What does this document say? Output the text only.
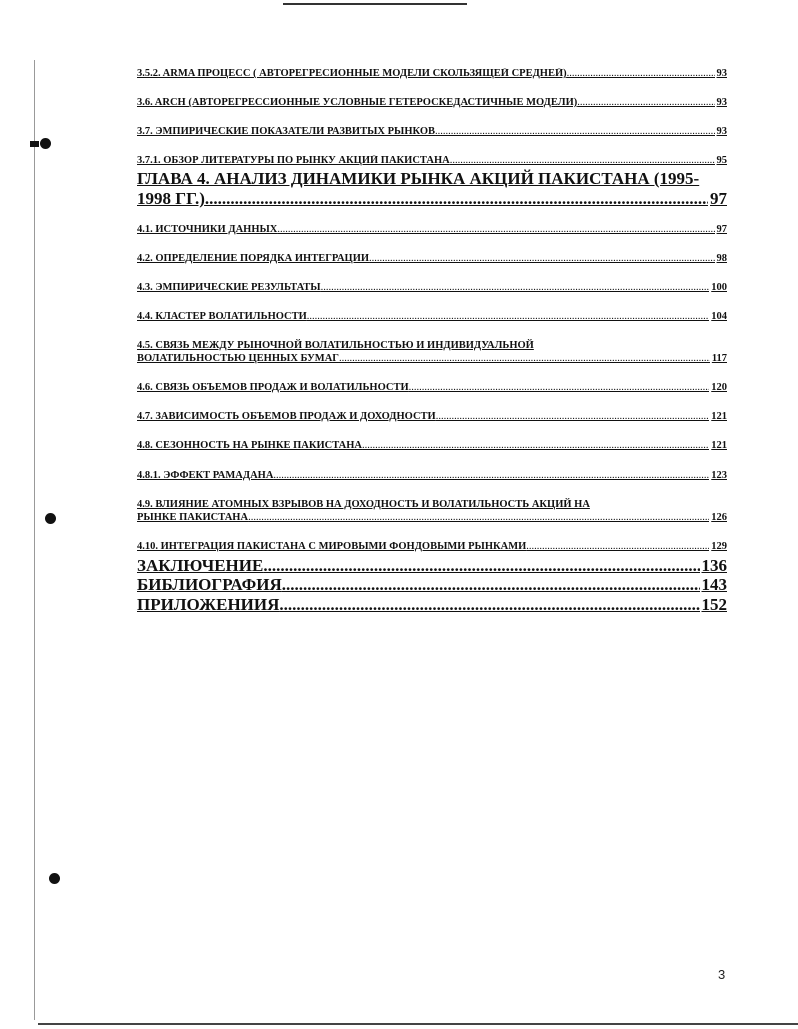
3.5.2. ARMA ПРОЦЕСС ( АВТОРЕГРЕСИОННЫЕ МОДЕЛИ СКОЛЬЗЯЩЕЙ СРЕДНЕЙ) .....	93
3.6. ARCH (АВТОРЕГРЕССИОННЫЕ УСЛОВНЫЕ ГЕТЕРОСКЕДАСТИЧНЫЕ МОДЕЛИ) .....	93
3.7. ЭМПИРИЧЕСКИЕ ПОКАЗАТЕЛИ РАЗВИТЫХ РЫНКОВ .....	93
3.7.1. ОБЗОР ЛИТЕРАТУРЫ ПО РЫНКУ АКЦИЙ ПАКИСТАНА .....	95
ГЛАВА 4. АНАЛИЗ ДИНАМИКИ РЫНКА АКЦИЙ ПАКИСТАНА (1995-
1998 ГГ.) .....	97
4.1. ИСТОЧНИКИ ДАННЫХ .....	97
4.2. ОПРЕДЕЛЕНИЕ ПОРЯДКА ИНТЕГРАЦИИ .....	98
4.3. ЭМПИРИЧЕСКИЕ РЕЗУЛЬТАТЫ .....	100
4.4. КЛАСТЕР ВОЛАТИЛЬНОСТИ .....	104
4.5. СВЯЗЬ МЕЖДУ РЫНОЧНОЙ ВОЛАТИЛЬНОСТЬЮ И ИНДИВИДУАЛЬНОЙ
ВОЛАТИЛЬНОСТЬЮ ЦЕННЫХ БУМАГ .....	117
4.6. СВЯЗЬ ОБЪЕМОВ ПРОДАЖ И ВОЛАТИЛЬНОСТИ .....	120
4.7. ЗАВИСИМОСТЬ ОБЪЕМОВ ПРОДАЖ И ДОХОДНОСТИ .....	121
4.8. СЕЗОННОСТЬ НА РЫНКЕ ПАКИСТАНА .....	121
4.8.1. ЭФФЕКТ РАМАДАНА .....	123
4.9. ВЛИЯНИЕ АТОМНЫХ ВЗРЫВОВ НА ДОХОДНОСТЬ И ВОЛАТИЛЬНОСТЬ АКЦИЙ НА
РЫНКЕ ПАКИСТАНА .....	126
4.10. ИНТЕГРАЦИЯ ПАКИСТАНА С МИРОВЫМИ ФОНДОВЫМИ РЫНКАМИ .....	129
ЗАКЛЮЧЕНИЕ .....	136
БИБЛИОГРАФИЯ .....	143
ПРИЛОЖЕНИИЯ .....	152
3
